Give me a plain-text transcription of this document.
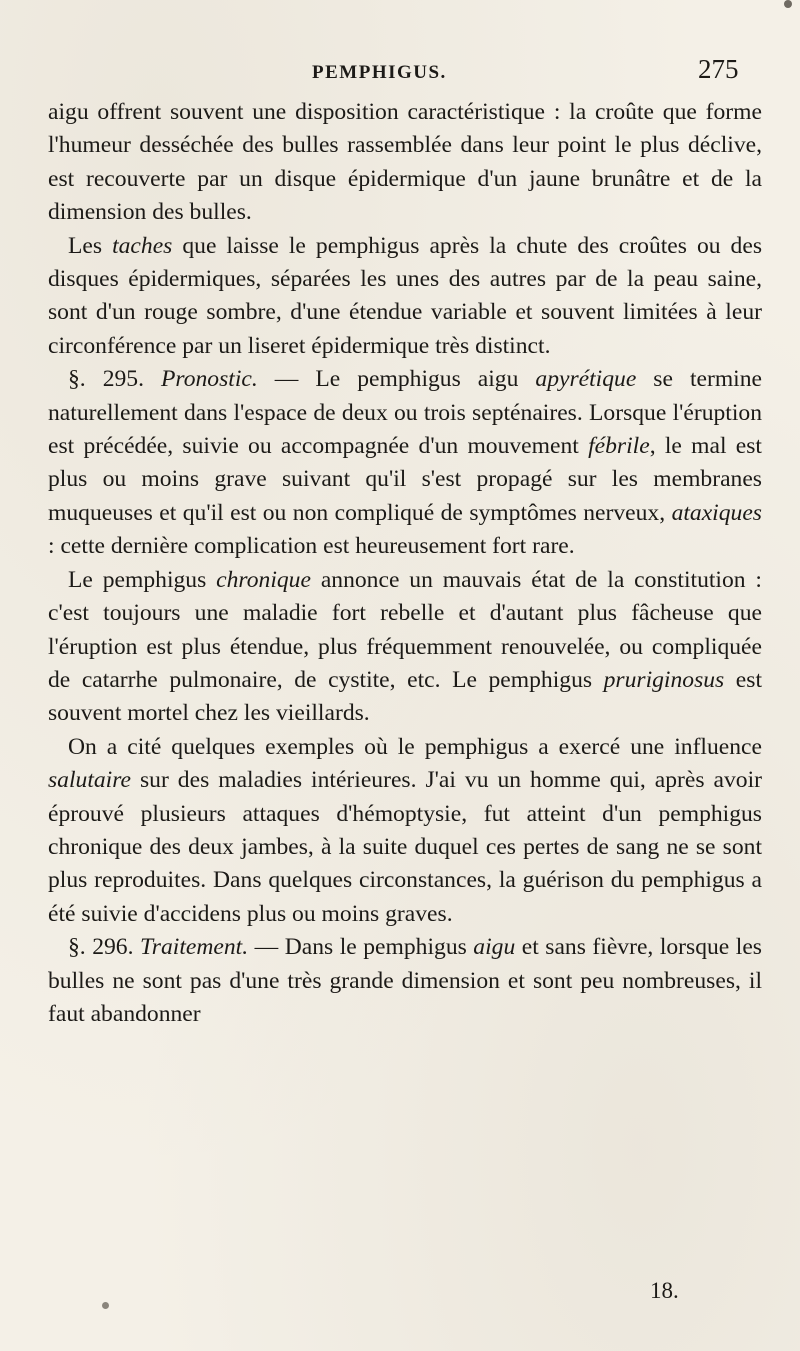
PEMPHIGUS.	275

aigu offrent souvent une disposition caractéristique : la croûte que forme l'humeur desséchée des bulles rassemblée dans leur point le plus déclive, est recouverte par un disque épidermique d'un jaune brunâtre et de la dimension des bulles.

Les taches que laisse le pemphigus après la chute des croûtes ou des disques épidermiques, séparées les unes des autres par de la peau saine, sont d'un rouge sombre, d'une étendue variable et souvent limitées à leur circonférence par un liseret épidermique très distinct.

§. 295. Pronostic. — Le pemphigus aigu apyrétique se termine naturellement dans l'espace de deux ou trois septénaires. Lorsque l'éruption est précédée, suivie ou accompagnée d'un mouvement fébrile, le mal est plus ou moins grave suivant qu'il s'est propagé sur les membranes muqueuses et qu'il est ou non compliqué de symptômes nerveux, ataxiques : cette dernière complication est heureusement fort rare.

Le pemphigus chronique annonce un mauvais état de la constitution : c'est toujours une maladie fort rebelle et d'autant plus fâcheuse que l'éruption est plus étendue, plus fréquemment renouvelée, ou compliquée de catarrhe pulmonaire, de cystite, etc. Le pemphigus pruriginosus est souvent mortel chez les vieillards.

On a cité quelques exemples où le pemphigus a exercé une influence salutaire sur des maladies intérieures. J'ai vu un homme qui, après avoir éprouvé plusieurs attaques d'hémoptysie, fut atteint d'un pemphigus chronique des deux jambes, à la suite duquel ces pertes de sang ne se sont plus reproduites. Dans quelques circonstances, la guérison du pemphigus a été suivie d'accidens plus ou moins graves.

§. 296. Traitement. — Dans le pemphigus aigu et sans fièvre, lorsque les bulles ne sont pas d'une très grande dimension et sont peu nombreuses, il faut abandonner

18.
